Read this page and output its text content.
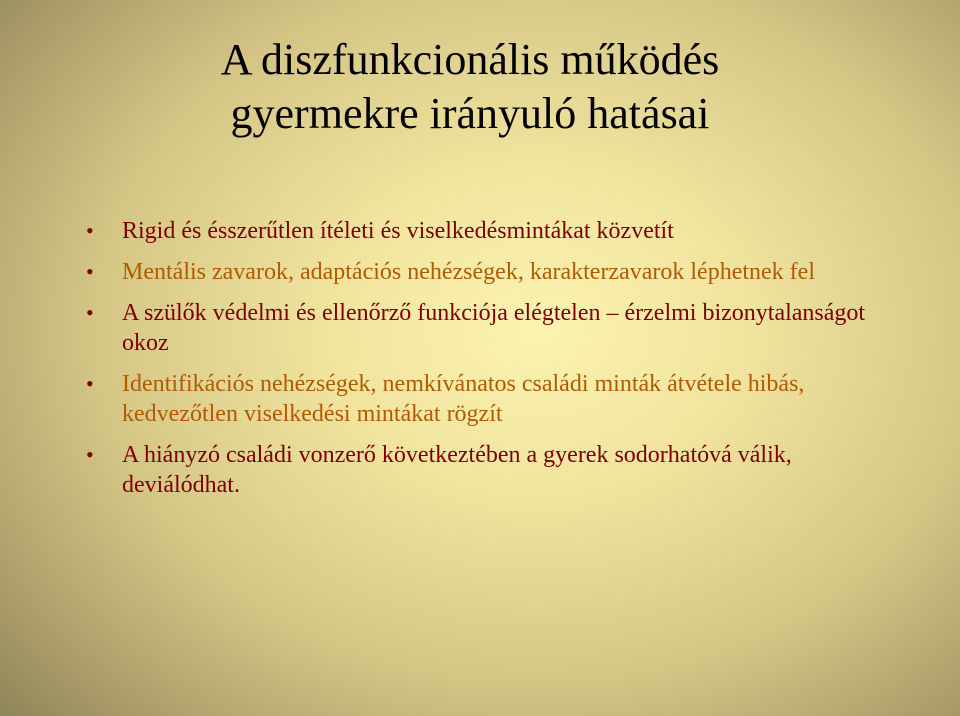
A diszfunkcionális működés
gyermekre irányuló hatásai
• Rigid és ésszerűtlen ítéleti és viselkedésmintákat közvetít
• Mentális zavarok, adaptációs nehézségek, karakterzavarok léphetnek fel
• A szülők védelmi és ellenőrző funkciója elégtelen – érzelmi bizonytalanságot okoz
• Identifikációs nehézségek, nemkívánatos családi minták átvétele hibás, kedvezőtlen viselkedési mintákat rögzít
• A hiányzó családi vonzerő következtében a gyerek sodorhatóvá válik, deviálódhat.
